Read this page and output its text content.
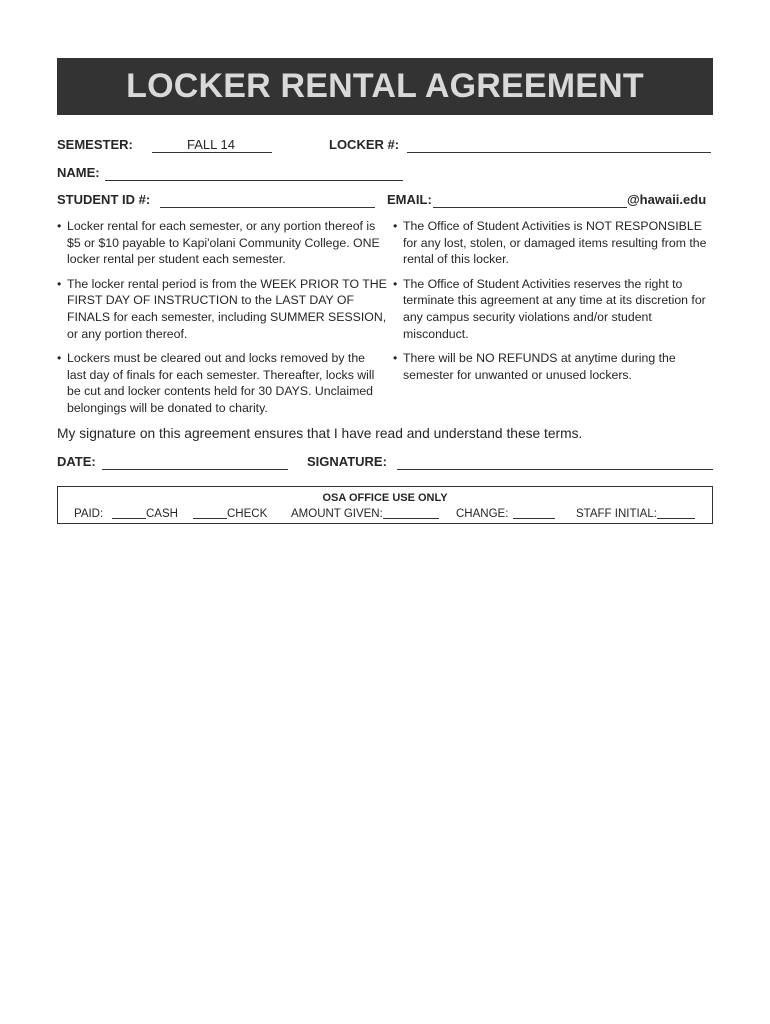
LOCKER RENTAL AGREEMENT
SEMESTER:	FALL 14	LOCKER #:
NAME:
STUDENT ID #:	EMAIL:	@hawaii.edu
• Locker rental for each semester, or any portion thereof is $5 or $10 payable to Kapi'olani Community College. ONE locker rental per student each semester.
• The locker rental period is from the WEEK PRIOR TO THE FIRST DAY OF INSTRUCTION to the LAST DAY OF FINALS for each semester, including SUMMER SESSION, or any portion thereof.
• Lockers must be cleared out and locks removed by the last day of finals for each semester. Thereafter, locks will be cut and locker contents held for 30 DAYS. Unclaimed belongings will be donated to charity.
• The Office of Student Activities is NOT RESPONSIBLE for any lost, stolen, or damaged items resulting from the rental of this locker.
• The Office of Student Activities reserves the right to terminate this agreement at any time at its discretion for any campus security violations and/or student misconduct.
• There will be NO REFUNDS at anytime during the semester for unwanted or unused lockers.
My signature on this agreement ensures that I have read and understand these terms.
DATE:	SIGNATURE:
OSA OFFICE USE ONLY
PAID:	CASH	CHECK AMOUNT GIVEN:	CHANGE:	STAFF INITIAL:
